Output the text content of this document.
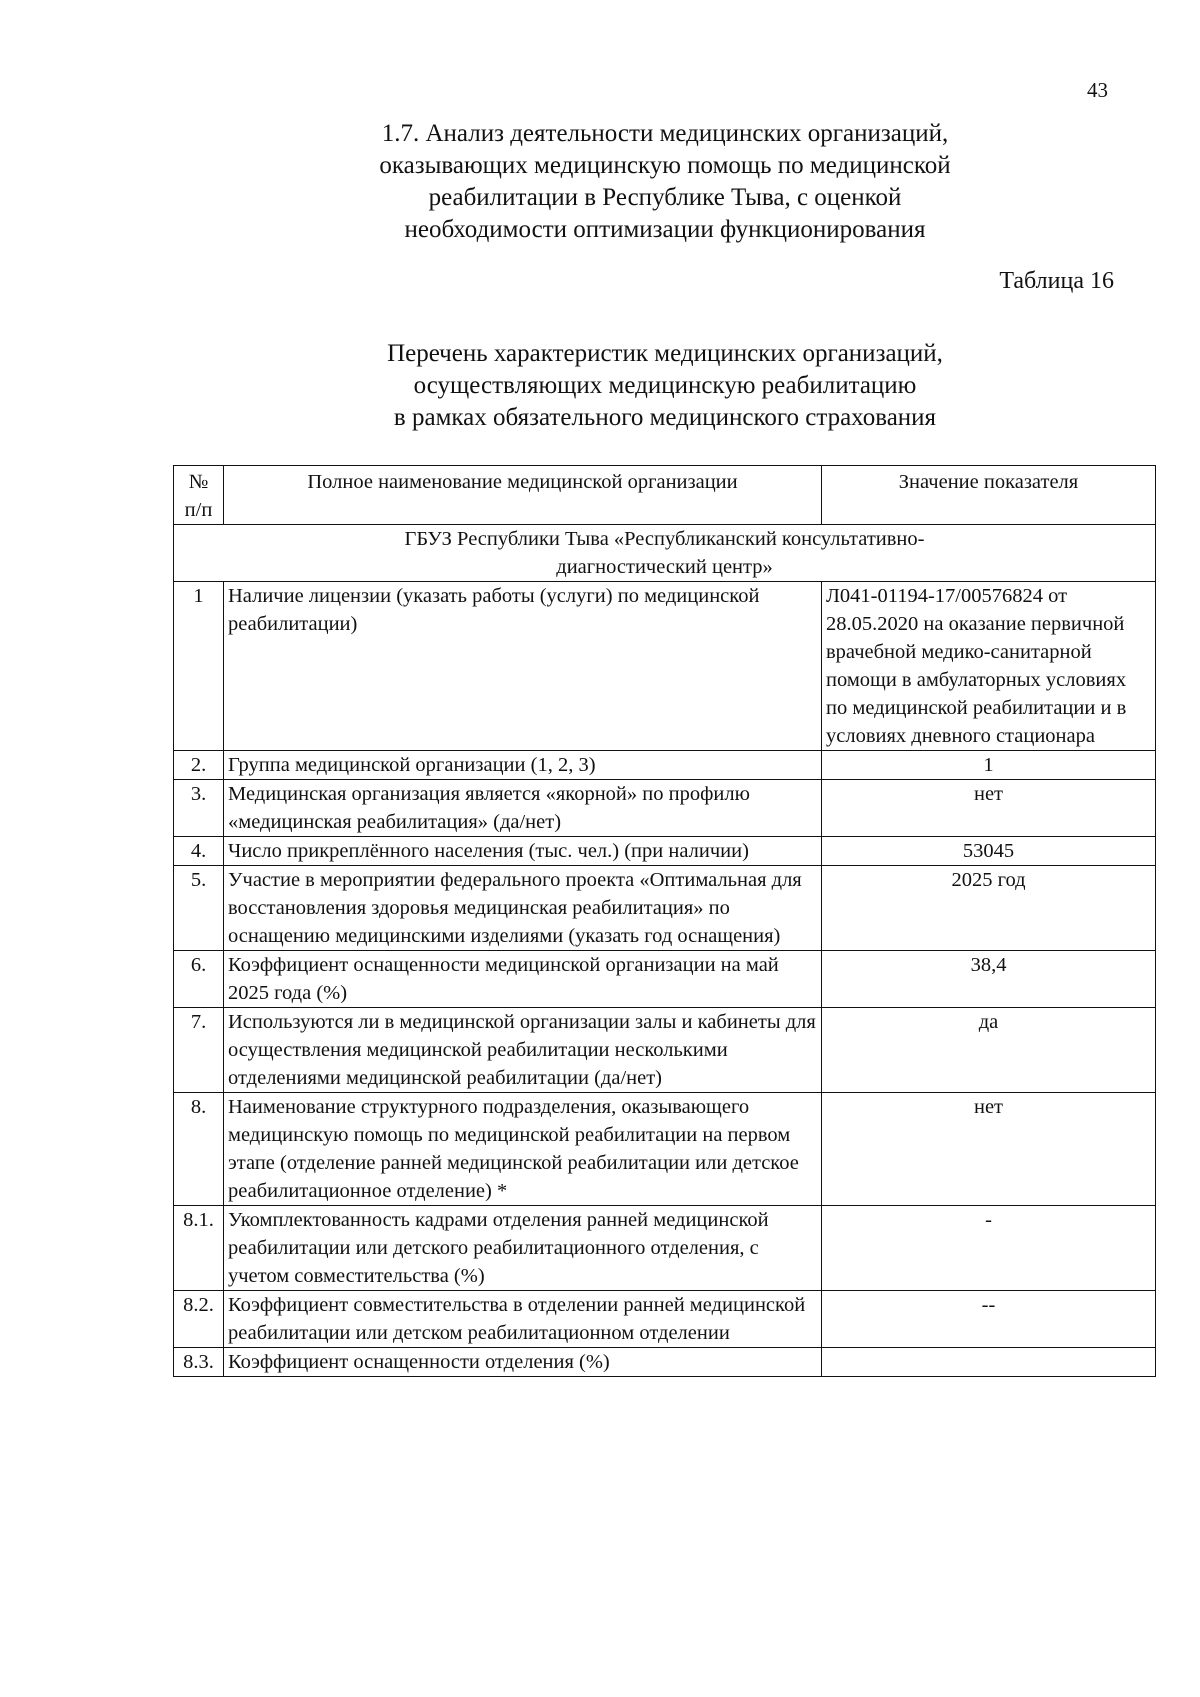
43
1.7. Анализ деятельности медицинских организаций,
оказывающих медицинскую помощь по медицинской
реабилитации в Республике Тыва, с оценкой
необходимости оптимизации функционирования
Таблица 16
Перечень характеристик медицинских организаций,
осуществляющих медицинскую реабилитацию
в рамках обязательного медицинского страхования
№ п/п	Полное наименование медицинской организации	Значение показателя
ГБУЗ Республики Тыва «Республиканский консультативно-диагностический центр»		
1	Наличие лицензии (указать работы (услуги) по медицинской реабилитации)	Л041-01194-17/00576824 от 28.05.2020 на оказание первичной врачебной медико-санитарной помощи в амбулаторных условиях по медицинской реабилитации и в условиях дневного стационара
2.	Группа медицинской организации (1, 2, 3)	1
3.	Медицинская организация является «якорной» по профилю «медицинская реабилитация» (да/нет)	нет
4.	Число прикреплённого населения (тыс. чел.) (при наличии)	53045
5.	Участие в мероприятии федерального проекта «Оптимальная для восстановления здоровья медицинская реабилитация» по оснащению медицинскими изделиями (указать год оснащения)	2025 год
6.	Коэффициент оснащенности медицинской организации на май 2025 года (%)	38,4
7.	Используются ли в медицинской организации залы и кабинеты для осуществления медицинской реабилитации несколькими отделениями медицинской реабилитации (да/нет)	да
8.	Наименование структурного подразделения, оказывающего медицинскую помощь по медицинской реабилитации на первом этапе (отделение ранней медицинской реабилитации или детское реабилитационное отделение) *	нет
8.1.	Укомплектованность кадрами отделения ранней медицинской реабилитации или детского реабилитационного отделения, с учетом совместительства (%)	-
8.2.	Коэффициент совместительства в отделении ранней медицинской реабилитации или детском реабилитационном отделении	--
8.3.	Коэффициент оснащенности отделения (%)	
